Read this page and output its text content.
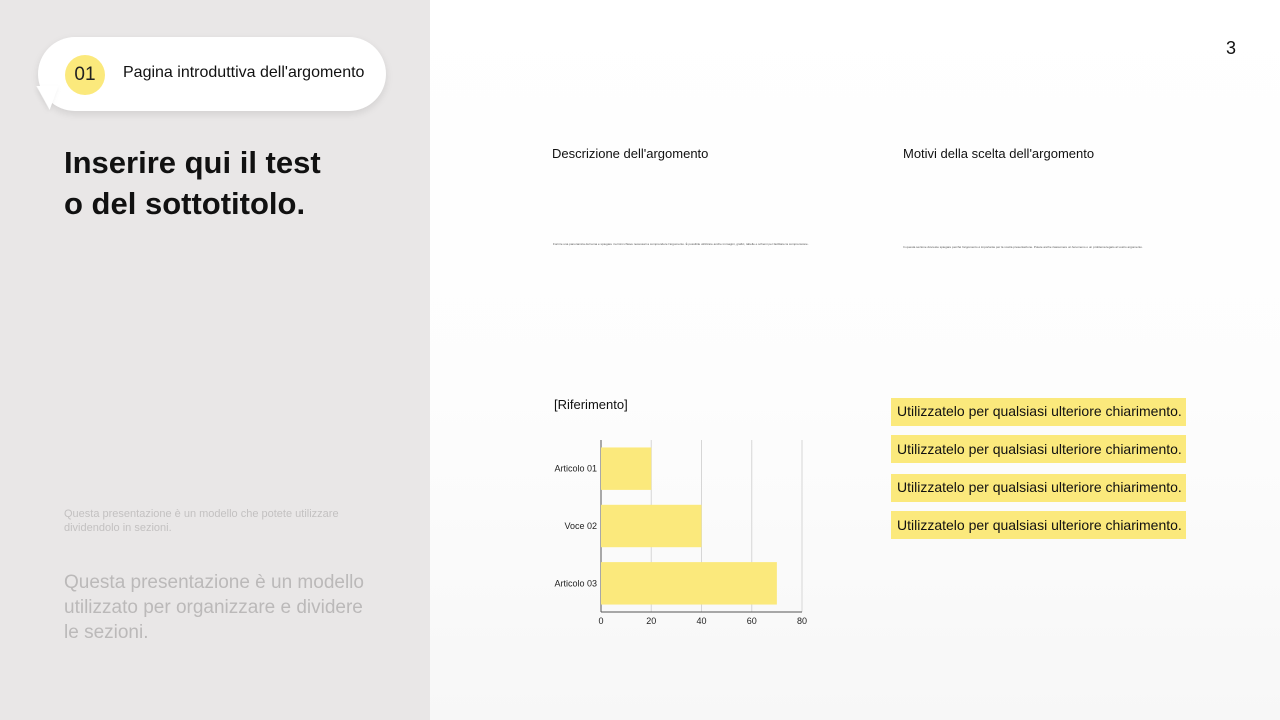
01	Pagina introduttiva dell'argomento
Inserire qui il testo del sottotitolo.
Questa presentazione è un modello che potete utilizzare dividendolo in sezioni.
Questa presentazione è un modello utilizzato per organizzare e dividere le sezioni.
3
Descrizione dell'argomento
Fornire una panoramica del tema e spiegare i termini chiave necessari a comprendere l'argomento. È possibile utilizzare anche immagini, grafici, tabelle e schemi per facilitare la comprensione.
Motivi della scelta dell'argomento
In questa sezione dovreste spiegare perché l'argomento è importante per la vostra presentazione. Potete anche riassumere un fenomeno o un problema legato al vostro argomento.
[Riferimento]
0	20	40	60	80
Articolo 01
Voce 02
Articolo 03
Utilizzatelo per qualsiasi ulteriore chiarimento.
Utilizzatelo per qualsiasi ulteriore chiarimento.
Utilizzatelo per qualsiasi ulteriore chiarimento.
Utilizzatelo per qualsiasi ulteriore chiarimento.
